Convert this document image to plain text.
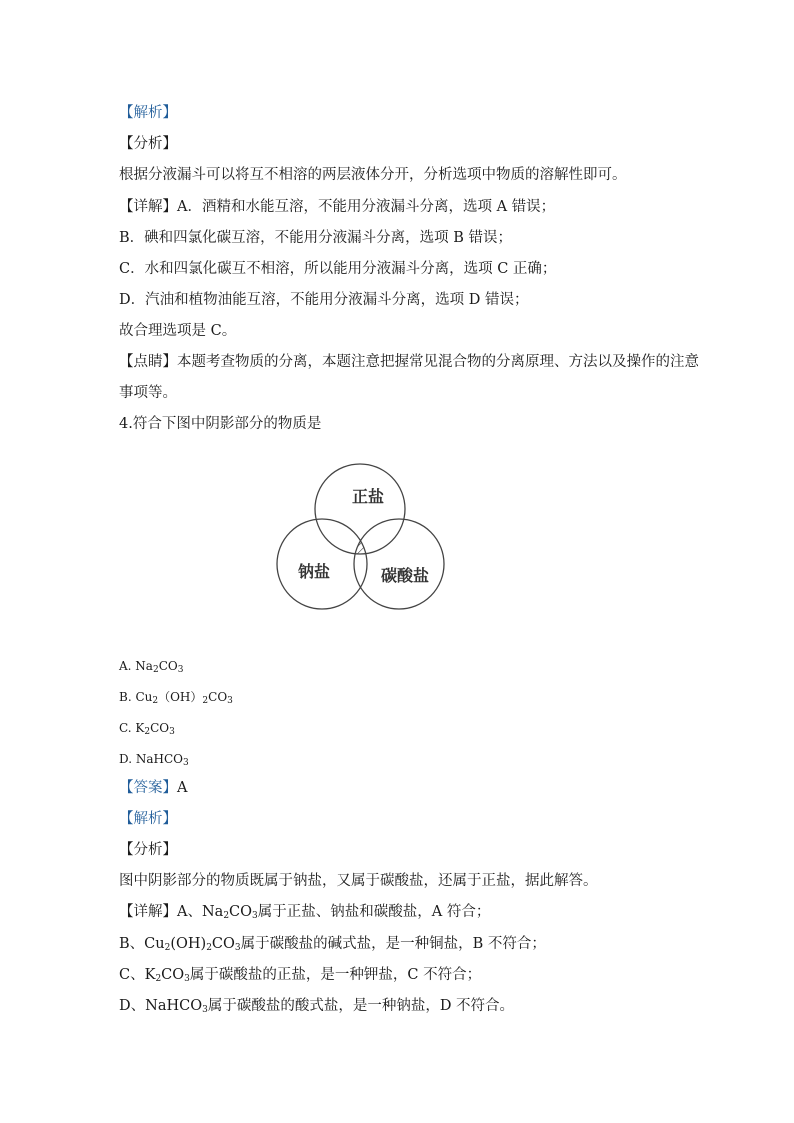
【解析】
【分析】
根据分液漏斗可以将互不相溶的两层液体分开，分析选项中物质的溶解性即可。
【详解】A．酒精和水能互溶，不能用分液漏斗分离，选项 A 错误；
B．碘和四氯化碳互溶，不能用分液漏斗分离，选项 B 错误；
C．水和四氯化碳互不相溶，所以能用分液漏斗分离，选项 C 正确；
D．汽油和植物油能互溶，不能用分液漏斗分离，选项 D 错误；
故合理选项是 C。
【点睛】本题考查物质的分离，本题注意把握常见混合物的分离原理、方法以及操作的注意
事项等。
4.符合下图中阴影部分的物质是
正盐
钠盐	碳酸盐
A. $Na_2CO_3$
B. $Cu_2(OH)_2CO_3$
C. $K_2CO_3$
D. NaHCO$_3$
【答案】A
【解析】
【分析】
图中阴影部分的物质既属于钠盐，又属于碳酸盐，还属于正盐，据此解答。
【详解】A、$Na_2CO_3$属于正盐、钠盐和碳酸盐，A 符合；
B、$Cu_2(OH)_2CO_3$属于碳酸盐的碱式盐，是一种铜盐，B 不符合；
C、$K_2CO_3$属于碳酸盐的正盐，是一种钾盐，C 不符合；
D、NaHCO$_3$属于碳酸盐的酸式盐，是一种钠盐，D 不符合。
